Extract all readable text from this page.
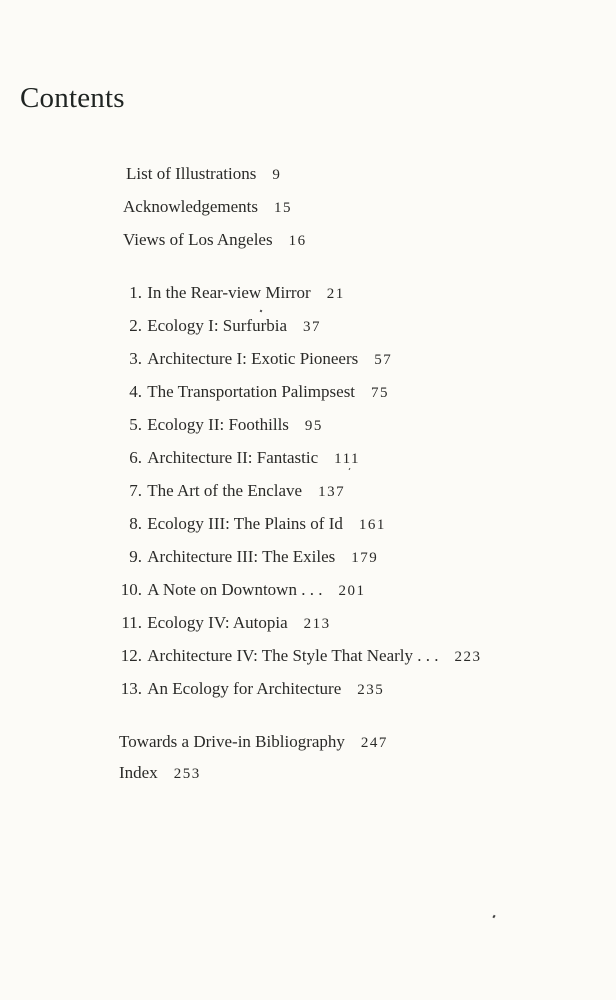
Contents
List of Illustrations 9
Acknowledgements 15
Views of Los Angeles 16
1. In the Rear-view Mirror 21
2. Ecology I: Surfurbia 37
3. Architecture I: Exotic Pioneers 57
4. The Transportation Palimpsest 75
5. Ecology II: Foothills 95
6. Architecture II: Fantastic 111
7. The Art of the Enclave 137
8. Ecology III: The Plains of Id 161
9. Architecture III: The Exiles 179
10. A Note on Downtown . . . 201
11. Ecology IV: Autopia 213
12. Architecture IV: The Style That Nearly . . . 223
13. An Ecology for Architecture 235
Towards a Drive-in Bibliography 247
Index 253
